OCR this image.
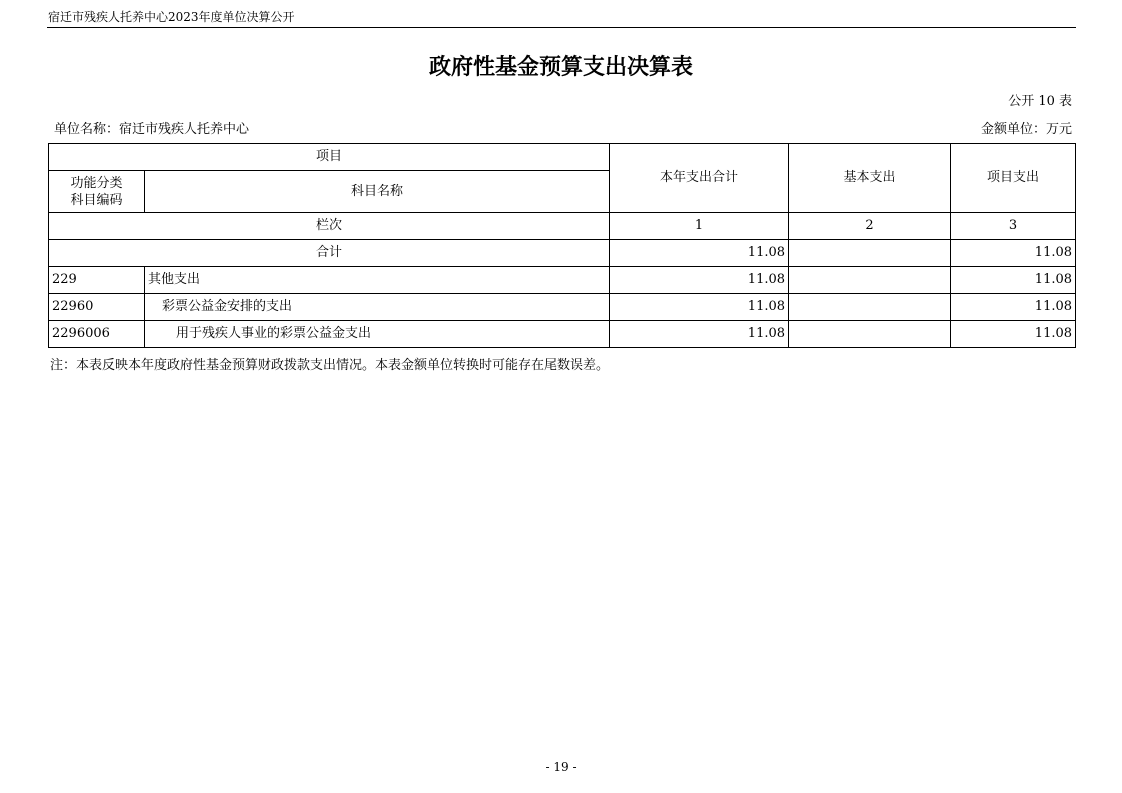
宿迁市残疾人托养中心2023年度单位决算公开
政府性基金预算支出决算表
公开 10 表
单位名称：宿迁市残疾人托养中心	金额单位：万元
项目		本年支出合计	基本支出	项目支出
功能分类
科目编码	科目名称			
栏次		1	2	3
合计		11.08		11.08
229	其他支出	11.08		11.08
22960	彩票公益金安排的支出	11.08		11.08
2296006	用于残疾人事业的彩票公益金支出	11.08		11.08
注：本表反映本年度政府性基金预算财政拨款支出情况。本表金额单位转换时可能存在尾数误差。
- 19 -
